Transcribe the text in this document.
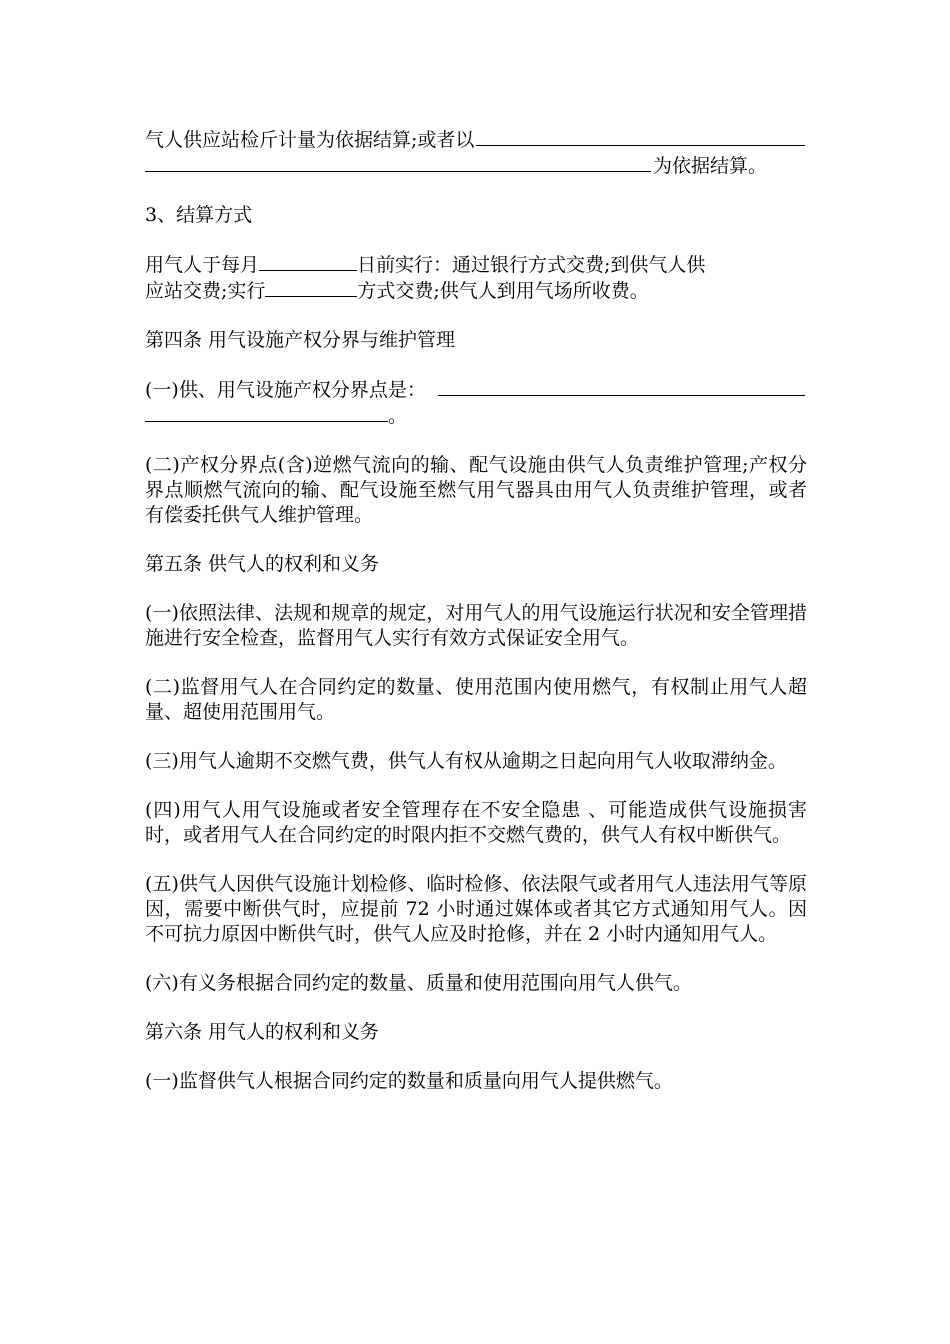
气人供应站检斤计量为依据结算;或者以
为依据结算。

3、结算方式

用气人于每月	日前实行：通过银行方式交费;到供气人供
应站交费;实行	方式交费;供气人到用气场所收费。

第四条 用气设施产权分界与维护管理

(一)供、用气设施产权分界点是：
。

(二)产权分界点(含)逆燃气流向的输、配气设施由供气人负责维护管理;产权分界点顺燃气流向的输、配气设施至燃气用气器具由用气人负责维护管理，或者有偿委托供气人维护管理。

第五条 供气人的权利和义务

(一)依照法律、法规和规章的规定，对用气人的用气设施运行状况和安全管理措施进行安全检查，监督用气人实行有效方式保证安全用气。

(二)监督用气人在合同约定的数量、使用范围内使用燃气，有权制止用气人超量、超使用范围用气。

(三)用气人逾期不交燃气费，供气人有权从逾期之日起向用气人收取滞纳金。

(四)用气人用气设施或者安全管理存在不安全隐患 、可能造成供气设施损害时，或者用气人在合同约定的时限内拒不交燃气费的，供气人有权中断供气。

(五)供气人因供气设施计划检修、临时检修、依法限气或者用气人违法用气等原因，需要中断供气时，应提前 72 小时通过媒体或者其它方式通知用气人。因不可抗力原因中断供气时，供气人应及时抢修，并在 2 小时内通知用气人。

(六)有义务根据合同约定的数量、质量和使用范围向用气人供气。

第六条 用气人的权利和义务

(一)监督供气人根据合同约定的数量和质量向用气人提供燃气。
